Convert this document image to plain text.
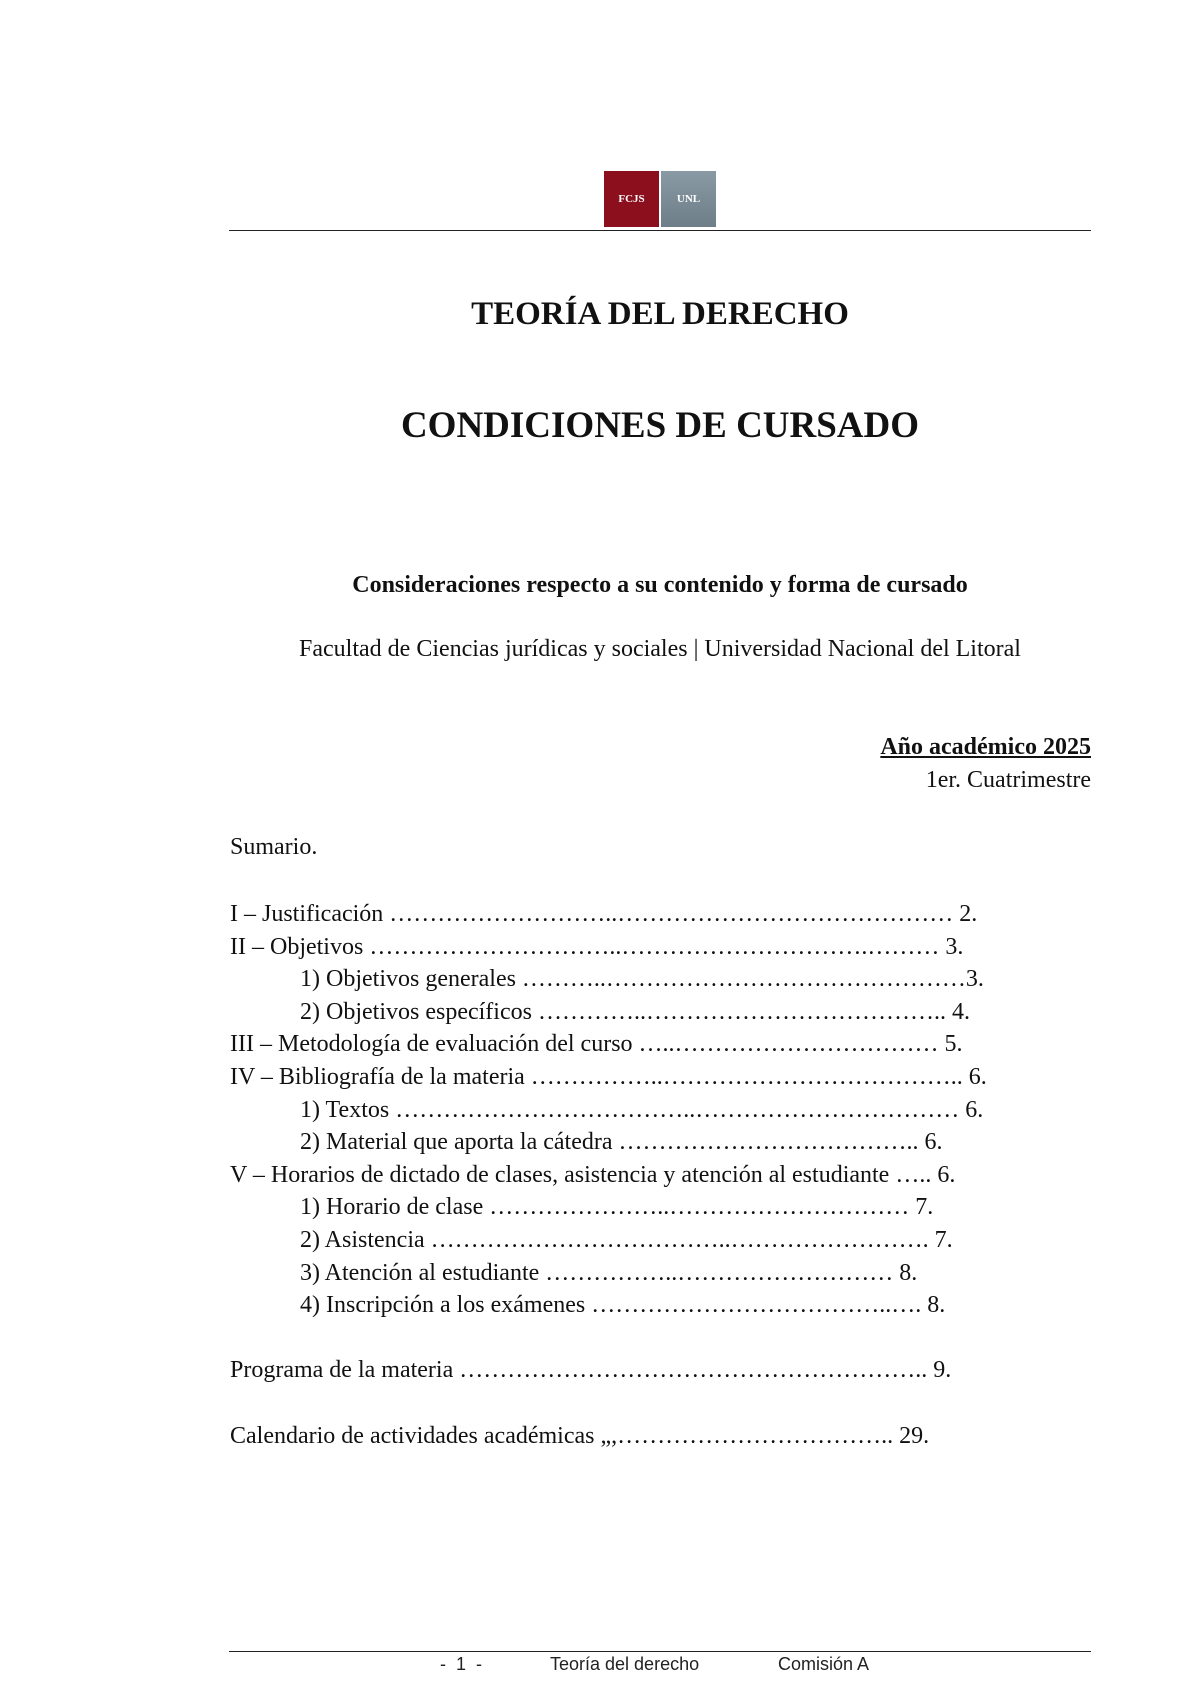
FCJS	UNL
TEORÍA DEL DERECHO
CONDICIONES DE CURSADO
Consideraciones respecto a su contenido y forma de cursado
Facultad de Ciencias jurídicas y sociales | Universidad Nacional del Litoral
Año académico 2025
1er. Cuatrimestre
Sumario.
I – Justificación ………………………..…………………………………… 2.
II – Objetivos …………………………..………………………….……… 3.
1) Objetivos generales ………..………………………………………3.
2) Objetivos específicos …………..……………………………….. 4.
III – Metodología de evaluación del curso …..…………………………… 5.
IV – Bibliografía de la materia ……………..……………………………….. 6.
1) Textos ………………………………..…………………………… 6.
2) Material que aporta la cátedra ……………………………….. 6.
V – Horarios de dictado de clases, asistencia y atención al estudiante ….. 6.
1) Horario de clase …………………..………………………… 7.
2) Asistencia ………………………………..……………………. 7.
3) Atención al estudiante ……………..……………………… 8.
4) Inscripción a los exámenes ………………………………..…. 8.
Programa de la materia ………………………………………………….. 9.
Calendario de actividades académicas „,…………………………….. 29.
-  1  -	Teoría del derecho	Comisión A
